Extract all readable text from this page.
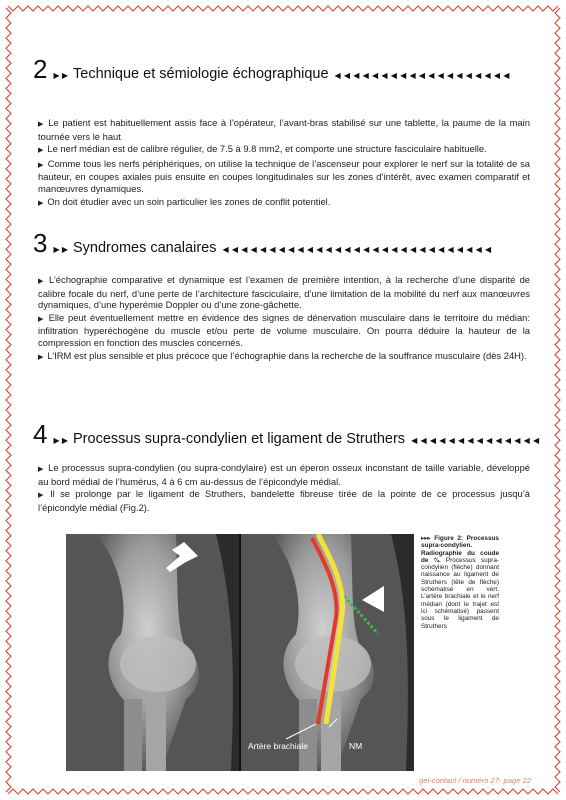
2 ▶ ▶ Technique et sémiologie échographique ◀ ◀ ◀ ◀ ◀ ◀ ◀ ◀ ◀ ◀ ◀ ◀ ◀ ◀ ◀ ◀ ◀ ◀ ◀

▶ Le patient est habituellement assis face à l’opérateur, l’avant-bras stabilisé sur une tablette, la paume de la main tournée vers le haut

▶ Le nerf médian est de calibre régulier, de 7.5 à 9.8 mm2, et comporte une structure fasciculaire habituelle.

▶ Comme tous les nerfs périphériques, on utilise la technique de l’ascenseur pour explorer le nerf sur la totalité de sa hauteur, en coupes axiales puis ensuite en coupes longitudinales sur les zones d’intérêt, avec examen comparatif et manœuvres dynamiques.

▶ On doit étudier avec un soin particulier les zones de conflit potentiel.

3 ▶ ▶ Syndromes canalaires ◀ ◀ ◀ ◀ ◀ ◀ ◀ ◀ ◀ ◀ ◀ ◀ ◀ ◀ ◀ ◀ ◀ ◀ ◀ ◀ ◀ ◀ ◀ ◀ ◀ ◀ ◀ ◀ ◀

▶ L’échographie comparative et dynamique est l’examen de première intention, à la recherche d’une disparité de calibre focale du nerf, d’une perte de l’architecture fasciculaire, d’une limitation de la mobilité du nerf aux manœuvres dynamiques, d’une hyperémie Doppler ou d’une zone-gâchette.

▶ Elle peut éventuellement mettre en évidence des signes de dénervation musculaire dans le territoire du médian: infiltration hyperéchogène du muscle et/ou perte de volume musculaire. On pourra déduire la hauteur de la compression en fonction des muscles concernés.

▶ L’IRM est plus sensible et plus précoce que l’échographie dans la recherche de la souffrance musculaire (dès 24H).

4 ▶ ▶ Processus supra-condylien et ligament de Struthers ◀ ◀ ◀ ◀ ◀ ◀ ◀ ◀ ◀ ◀ ◀ ◀ ◀ ◀

▶ Le processus supra-condylien (ou supra-condylaire) est un éperon osseux inconstant de taille variable, développé au bord médial de l’humérus, 4 à 6 cm au-dessus de l’épicondyle médial.

▶ Il se prolonge par le ligament de Struthers, bandelette fibreuse tirée de la pointe de ce processus jusqu’à l’épicondyle médial (Fig.2).

Artère brachiale	NM
▸▸▸ Figure 2: Processus supra-condylien. Radiographie du coude de ¾. Processus supra-condylien (flèche) donnant naissance au ligament de Struthers (tête de flèche) schématisé en vert. L’artère brachiale et le nerf médian (dont le trajet est ici schématisé) passent sous le ligament de Struthers
gel-contact / numéro 27- page 22
